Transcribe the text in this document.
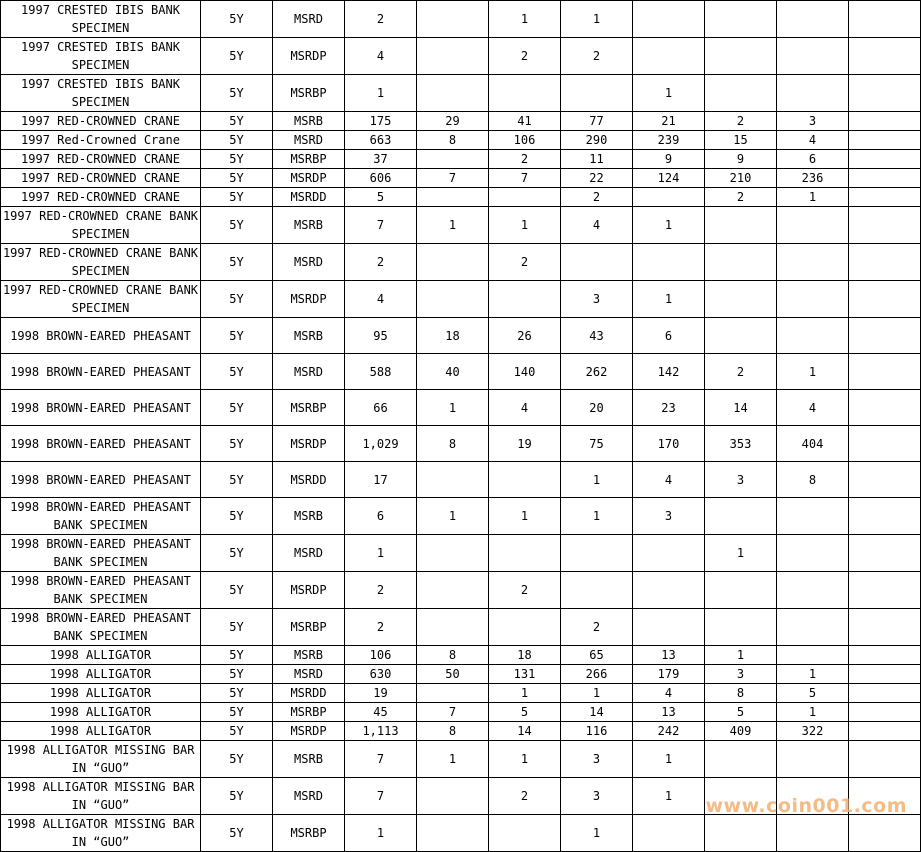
1997 CRESTED IBIS BANK SPECIMEN	5Y	MSRD	2		1	1				
1997 CRESTED IBIS BANK SPECIMEN	5Y	MSRDP	4		2	2				
1997 CRESTED IBIS BANK SPECIMEN	5Y	MSRBP	1				1			
1997 RED-CROWNED CRANE	5Y	MSRB	175	29	41	77	21	2	3	
1997 Red-Crowned Crane	5Y	MSRD	663	8	106	290	239	15	4	
1997 RED-CROWNED CRANE	5Y	MSRBP	37		2	11	9	9	6	
1997 RED-CROWNED CRANE	5Y	MSRDP	606	7	7	22	124	210	236	
1997 RED-CROWNED CRANE	5Y	MSRDD	5			2		2	1	
1997 RED-CROWNED CRANE BANK SPECIMEN	5Y	MSRB	7	1	1	4	1			
1997 RED-CROWNED CRANE BANK SPECIMEN	5Y	MSRD	2		2					
1997 RED-CROWNED CRANE BANK SPECIMEN	5Y	MSRDP	4			3	1			
1998 BROWN-EARED PHEASANT	5Y	MSRB	95	18	26	43	6			
1998 BROWN-EARED PHEASANT	5Y	MSRD	588	40	140	262	142	2	1	
1998 BROWN-EARED PHEASANT	5Y	MSRBP	66	1	4	20	23	14	4	
1998 BROWN-EARED PHEASANT	5Y	MSRDP	1,029	8	19	75	170	353	404	
1998 BROWN-EARED PHEASANT	5Y	MSRDD	17			1	4	3	8	
1998 BROWN-EARED PHEASANT BANK SPECIMEN	5Y	MSRB	6	1	1	1	3			
1998 BROWN-EARED PHEASANT BANK SPECIMEN	5Y	MSRD	1					1		
1998 BROWN-EARED PHEASANT BANK SPECIMEN	5Y	MSRDP	2		2					
1998 BROWN-EARED PHEASANT BANK SPECIMEN	5Y	MSRBP	2			2				
1998 ALLIGATOR	5Y	MSRB	106	8	18	65	13	1		
1998 ALLIGATOR	5Y	MSRD	630	50	131	266	179	3	1	
1998 ALLIGATOR	5Y	MSRDD	19		1	1	4	8	5	
1998 ALLIGATOR	5Y	MSRBP	45	7	5	14	13	5	1	
1998 ALLIGATOR	5Y	MSRDP	1,113	8	14	116	242	409	322	
1998 ALLIGATOR MISSING BAR IN “GUO”	5Y	MSRB	7	1	1	3	1			
1998 ALLIGATOR MISSING BAR IN “GUO”	5Y	MSRD	7		2	3	1			
1998 ALLIGATOR MISSING BAR IN “GUO”	5Y	MSRBP	1			1				
www.coin001.com
